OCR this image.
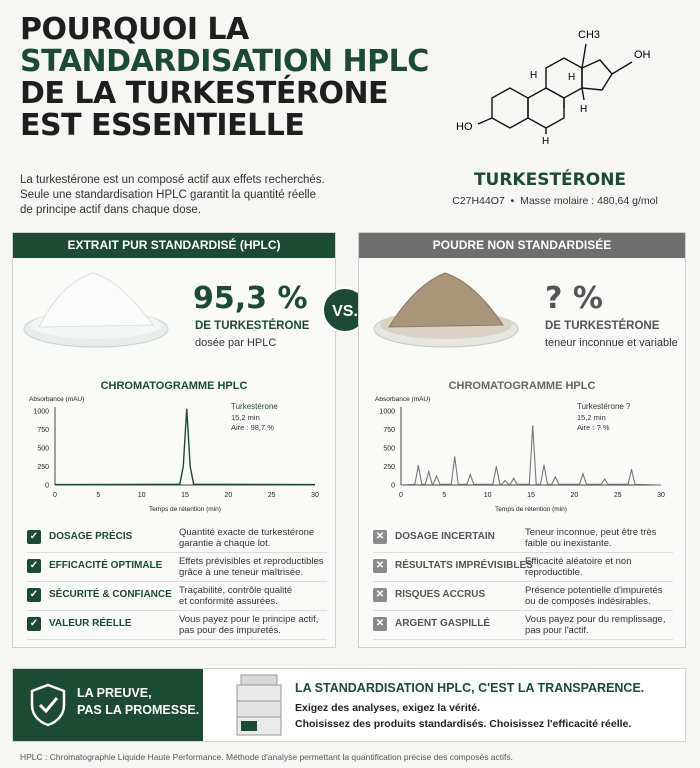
POURQUOI LA
STANDARDISATION HPLC
DE LA TURKESTÉRONE
EST ESSENTIELLE
La turkestérone est un composé actif aux effets recherchés.
Seule une standardisation HPLC garantit la quantité réelle
de principe actif dans chaque dose.
CH3
HO
OH
H	H
H
H
TURKESTÉRONE
C27H44O7  •  Masse molaire : 480,64 g/mol
EXTRAIT PUR STANDARDISÉ (HPLC)
95,3 %
DE TURKESTÉRONE
dosée par HPLC
CHROMATOGRAMME HPLC
Absorbance (mAU)
Temps de rétention (min)
0	5	10	15	20	25	30
0
250
500
750
1000
Turkestérone
15,2 min
Aire : 98,7 %
✓ DOSAGE PRÉCIS	Quantité exacte de turkestérone
garantie à chaque lot.
✓ EFFICACITÉ OPTIMALE Effets prévisibles et reproductibles
grâce à une teneur maîtrisée.
✓ SÉCURITÉ & CONFIANCE Traçabilité, contrôle qualité
et conformité assurées.
✓ VALEUR RÉELLE	Vous payez pour le principe actif,
pas pour des impuretés.
VS.
POUDRE NON STANDARDISÉE
? %
DE TURKESTÉRONE
teneur inconnue et variable
CHROMATOGRAMME HPLC
Absorbance (mAU)
Temps de rétention (min)
0	5	10	15	20	25	30
0
250
500
750
1000
Turkestérone ?
15,2 min
Aire : ? %
✕ DOSAGE INCERTAIN	Teneur inconnue, peut être très
faible ou inexistante.
✕ RÉSULTATS IMPRÉVISIBLES
Efficacité aléatoire et non
reproductible.
✕ RISQUES ACCRUS	Présence potentielle d'impuretés
ou de composés indésirables.
✕ ARGENT GASPILLÉ	Vous payez pour du remplissage,
pas pour l'actif.
LA PREUVE,
PAS LA PROMESSE.
LA STANDARDISATION HPLC, C'EST LA TRANSPARENCE.
Exigez des analyses, exigez la vérité.
Choisissez des produits standardisés. Choisissez l'efficacité réelle.
HPLC : Chromatographie Liquide Haute Performance. Méthode d'analyse permettant la quantification précise des composés actifs.
